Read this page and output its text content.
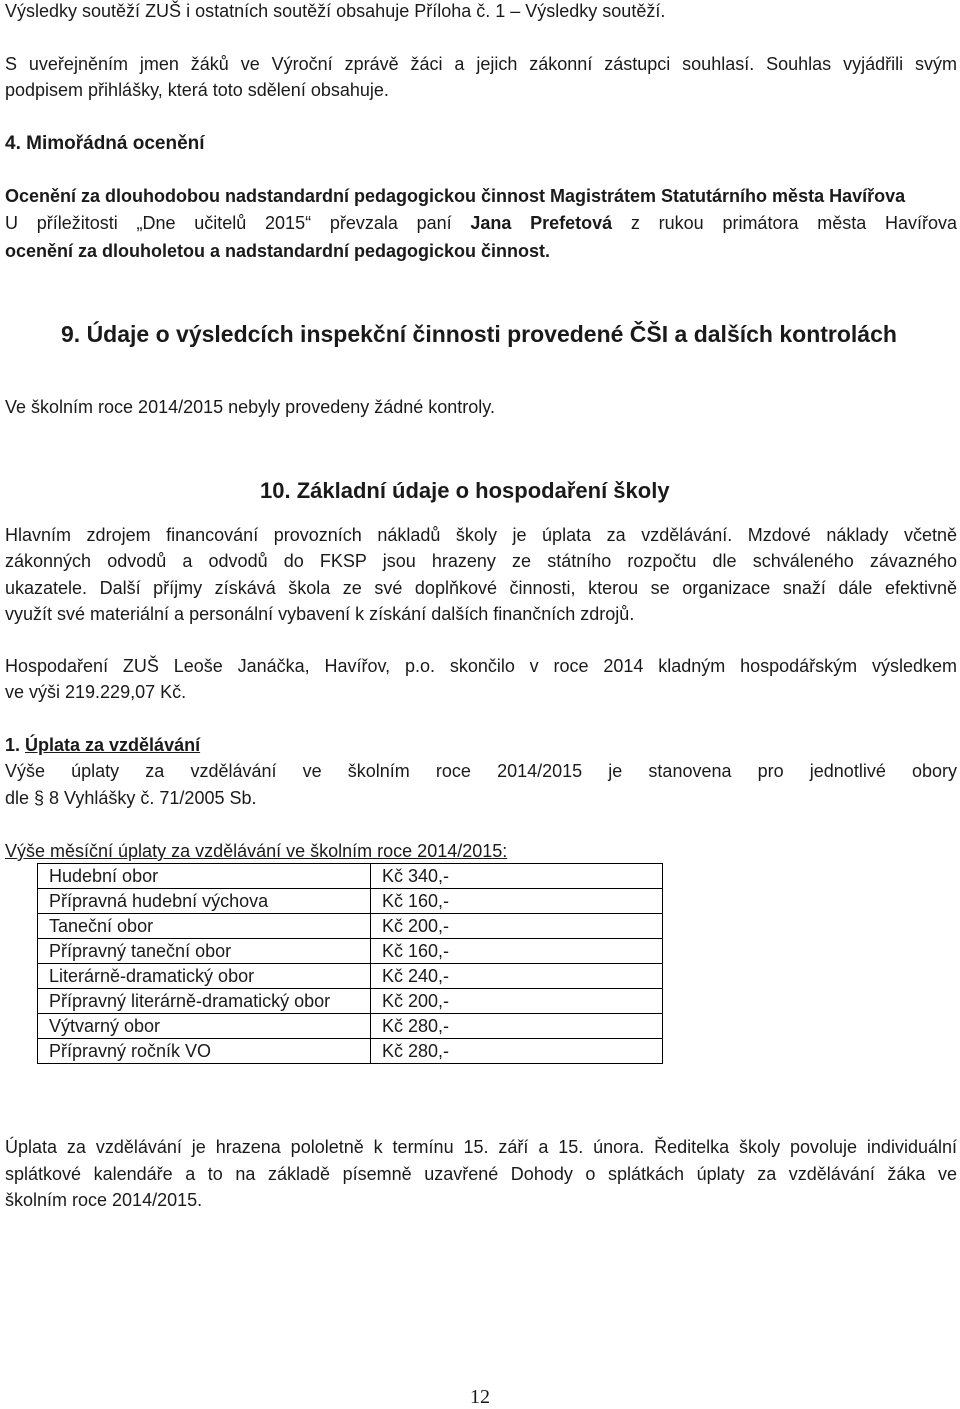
Výsledky soutěží ZUŠ i ostatních soutěží obsahuje Příloha č. 1 – Výsledky soutěží.
S uveřejněním jmen žáků ve Výroční zprávě žáci a jejich zákonní zástupci souhlasí. Souhlas vyjádřili svým
podpisem přihlášky, která toto sdělení obsahuje.
4. Mimořádná ocenění
Ocenění za dlouhodobou nadstandardní pedagogickou činnost Magistrátem Statutárního města Havířova
U příležitosti „Dne učitelů 2015“ převzala paní Jana Prefetová z rukou primátora města Havířova
ocenění za dlouholetou a nadstandardní pedagogickou činnost.
9. Údaje o výsledcích inspekční činnosti provedené ČŠI a dalších kontrolách
Ve školním roce 2014/2015 nebyly provedeny žádné kontroly.
10. Základní údaje o hospodaření školy
Hlavním zdrojem financování provozních nákladů školy je úplata za vzdělávání. Mzdové náklady včetně
zákonných odvodů a odvodů do FKSP jsou hrazeny ze státního rozpočtu dle schváleného závazného
ukazatele. Další příjmy získává škola ze své doplňkové činnosti, kterou se organizace snaží dále efektivně
využít své materiální a personální vybavení k získání dalších finančních zdrojů.
Hospodaření ZUŠ Leoše Janáčka, Havířov, p.o. skončilo v roce 2014 kladným hospodářským výsledkem
ve výši 219.229,07 Kč.
1. Úplata za vzdělávání
Výše úplaty za vzdělávání ve školním roce 2014/2015 je stanovena pro jednotlivé obory
dle § 8 Vyhlášky č. 71/2005 Sb.
Výše měsíční úplaty za vzdělávání ve školním roce 2014/2015:
Hudební obor	Kč 340,-
Přípravná hudební výchova	Kč 160,-
Taneční obor	Kč 200,-
Přípravný taneční obor	Kč 160,-
Literárně-dramatický obor	Kč 240,-
Přípravný literárně-dramatický obor	Kč 200,-
Výtvarný obor	Kč 280,-
Přípravný ročník VO	Kč 280,-
Úplata za vzdělávání je hrazena pololetně k termínu 15. září a 15. února. Ředitelka školy povoluje individuální
splátkové kalendáře a to na základě písemně uzavřené Dohody o splátkách úplaty za vzdělávání žáka ve
školním roce 2014/2015.
12
